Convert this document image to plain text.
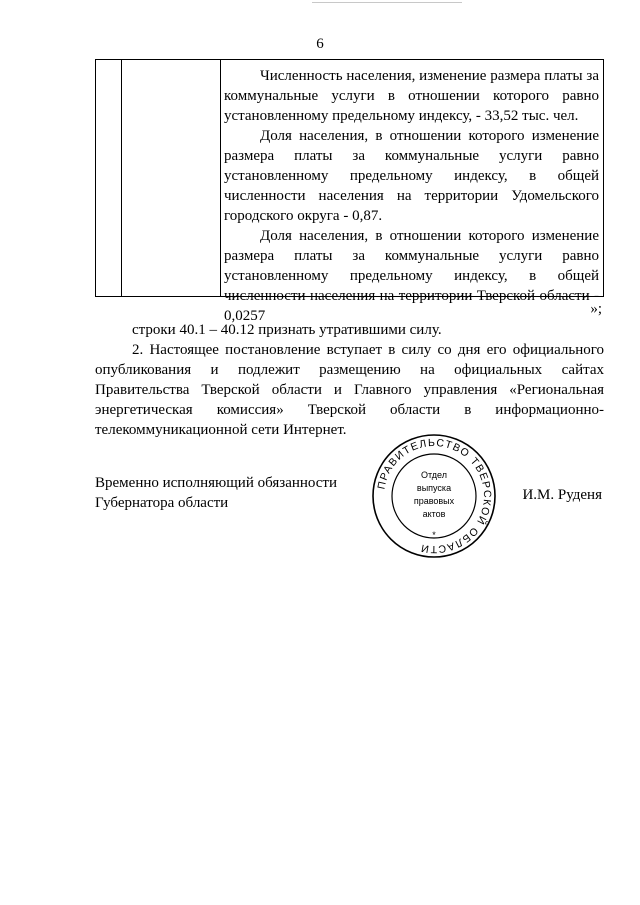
6

Численность населения, изменение размера платы за коммунальные услуги в отношении которого равно установленному предельному индексу, - 33,52 тыс. чел.

Доля населения, в отношении которого изменение размера платы за коммунальные услуги равно установленному предельному индексу, в общей численности населения на территории Удомельского городского округа - 0,87.

Доля населения, в отношении которого изменение размера платы за коммунальные услуги равно установленному предельному индексу, в общей численности населения на территории Тверской области - 0,0257	»;

строки 40.1 – 40.12 признать утратившими силу.

2. Настоящее постановление вступает в силу со дня его официального опубликования и подлежит размещению на официальных сайтах Правительства Тверской области и Главного управления «Региональная энергетическая комиссия» Тверской области в информационно-телекоммуникационной сети Интернет.

Временно исполняющий обязанности
Губернатора области
ПРАВИТЕЛЬСТВО ТВЕРСКОЙ ОБЛАСТИ
*
Отдел
выпуска
правовых
актов
И.М. Руденя
